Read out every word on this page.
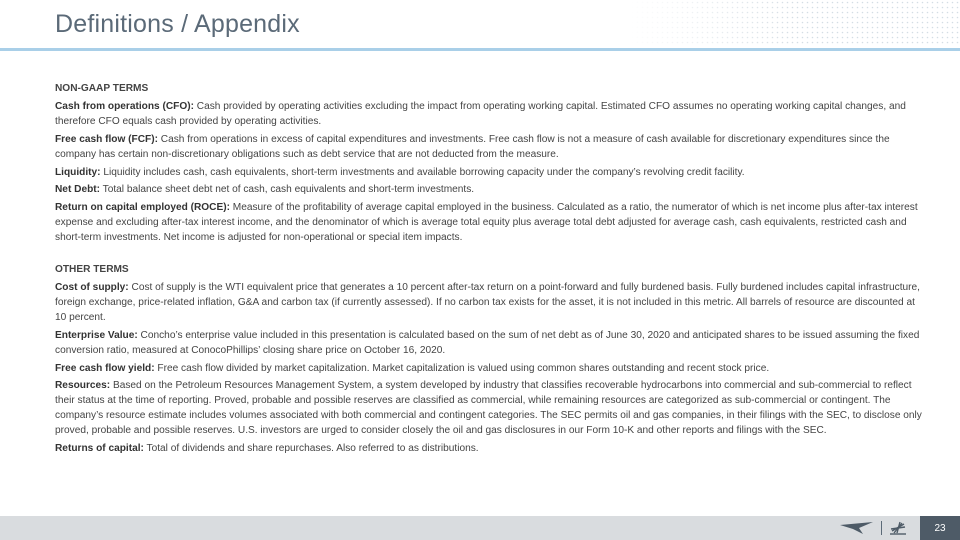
Definitions / Appendix
NON-GAAP TERMS

Cash from operations (CFO): Cash provided by operating activities excluding the impact from operating working capital. Estimated CFO assumes no operating working capital changes, and therefore CFO equals cash provided by operating activities.

Free cash flow (FCF): Cash from operations in excess of capital expenditures and investments. Free cash flow is not a measure of cash available for discretionary expenditures since the company has certain non-discretionary obligations such as debt service that are not deducted from the measure.

Liquidity: Liquidity includes cash, cash equivalents, short-term investments and available borrowing capacity under the company’s revolving credit facility.

Net Debt: Total balance sheet debt net of cash, cash equivalents and short-term investments.

Return on capital employed (ROCE): Measure of the profitability of average capital employed in the business. Calculated as a ratio, the numerator of which is net income plus after-tax interest expense and excluding after-tax interest income, and the denominator of which is average total equity plus average total debt adjusted for average cash, cash equivalents, restricted cash and short-term investments. Net income is adjusted for non-operational or special item impacts.

OTHER TERMS

Cost of supply: Cost of supply is the WTI equivalent price that generates a 10 percent after-tax return on a point-forward and fully burdened basis. Fully burdened includes capital infrastructure, foreign exchange, price-related inflation, G&A and carbon tax (if currently assessed). If no carbon tax exists for the asset, it is not included in this metric. All barrels of resource are discounted at 10 percent.

Enterprise Value: Concho’s enterprise value included in this presentation is calculated based on the sum of net debt as of June 30, 2020 and anticipated shares to be issued assuming the fixed conversion ratio, measured at ConocoPhillips’ closing share price on October 16, 2020.

Free cash flow yield: Free cash flow divided by market capitalization. Market capitalization is valued using common shares outstanding and recent stock price.

Resources: Based on the Petroleum Resources Management System, a system developed by industry that classifies recoverable hydrocarbons into commercial and sub-commercial to reflect their status at the time of reporting. Proved, probable and possible reserves are classified as commercial, while remaining resources are categorized as sub-commercial or contingent. The company’s resource estimate includes volumes associated with both commercial and contingent categories. The SEC permits oil and gas companies, in their filings with the SEC, to disclose only proved, probable and possible reserves. U.S. investors are urged to consider closely the oil and gas disclosures in our Form 10-K and other reports and filings with the SEC.

Returns of capital: Total of dividends and share repurchases. Also referred to as distributions.

23
